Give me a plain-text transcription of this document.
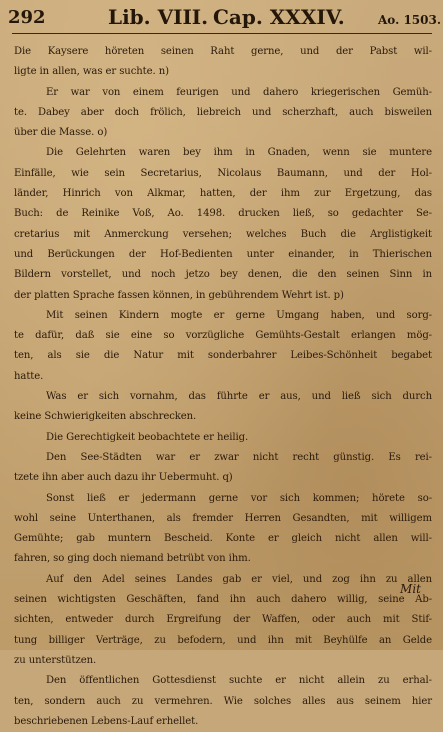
292	Lib. VIII. Cap. XXXIV.	Ao. 1503.
Die Kaysere höreten seinen Raht gerne, und der Pabst wil-
ligte in allen, was er suchte. n)
Er war von einem feurigen und dahero kriegerischen Gemüh-
te. Dabey aber doch frölich, liebreich und scherzhaft, auch bisweilen
über die Masse. o)
Die Gelehrten waren bey ihm in Gnaden, wenn sie muntere
Einfälle, wie sein Secretarius, Nicolaus Baumann, und der Hol-
länder, Hinrich von Alkmar, hatten, der ihm zur Ergetzung, das
Buch: de Reinike Voß, Ao. 1498. drucken ließ, so gedachter Se-
cretarius mit Anmerckung versehen; welches Buch die Arglistigkeit
und Berückungen der Hof-Bedienten unter einander, in Thierischen
Bildern vorstellet, und noch jetzo bey denen, die den seinen Sinn in
der platten Sprache fassen können, in gebührendem Wehrt ist. p)
Mit seinen Kindern mogte er gerne Umgang haben, und sorg-
te dafür, daß sie eine so vorzügliche Gemühts-Gestalt erlangen mög-
ten, als sie die Natur mit sonderbahrer Leibes-Schönheit begabet
hatte.
Was er sich vornahm, das führte er aus, und ließ sich durch
keine Schwierigkeiten abschrecken.
Die Gerechtigkeit beobachtete er heilig.
Den See-Städten war er zwar nicht recht günstig. Es rei-
tzete ihn aber auch dazu ihr Uebermuht. q)
Sonst ließ er jedermann gerne vor sich kommen; hörete so-
wohl seine Unterthanen, als fremder Herren Gesandten, mit willigem
Gemühte; gab muntern Bescheid. Konte er gleich nicht allen will-
fahren, so ging doch niemand betrübt von ihm.
Auf den Adel seines Landes gab er viel, und zog ihn zu allen
seinen wichtigsten Geschäften, fand ihn auch dahero willig, seine Ab-
sichten, entweder durch Ergreifung der Waffen, oder auch mit Stif-
tung billiger Verträge, zu befodern, und ihn mit Beyhülfe an Gelde
zu unterstützen.
Den öffentlichen Gottesdienst suchte er nicht allein zu erhal-
ten, sondern auch zu vermehren. Wie solches alles aus seinem hier
beschriebenen Lebens-Lauf erhellet.
Mit
